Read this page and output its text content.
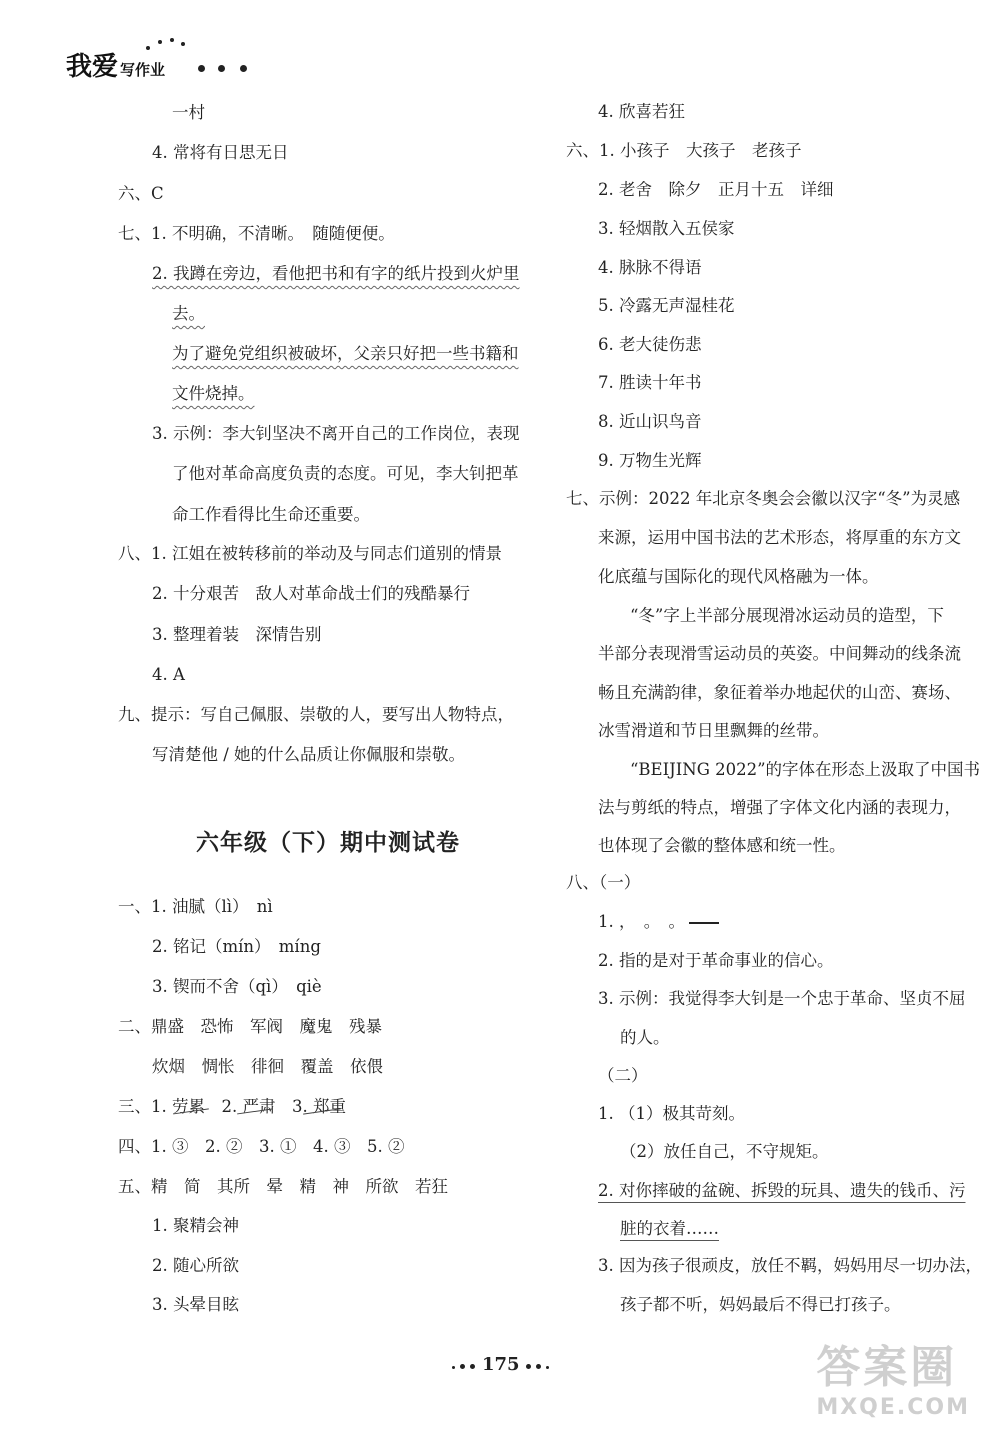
我爱 写作业
一村
4. 常将有日思无日
六、C
七、1. 不明确，不清晰。　随随便便。
2. 我蹲在旁边，看他把书和有字的纸片投到火炉里
去。
为了避免党组织被破坏，父亲只好把一些书籍和
文件烧掉。
3. 示例：李大钊坚决不离开自己的工作岗位，表现
了他对革命高度负责的态度。可见，李大钊把革
命工作看得比生命还重要。
八、1. 江姐在被转移前的举动及与同志们道别的情景
2. 十分艰苦　敌人对革命战士们的残酷暴行
3. 整理着装　深情告别
4. A
九、提示：写自己佩服、崇敬的人，要写出人物特点，
写清楚他 / 她的什么品质让你佩服和崇敬。
六年级（下）期中测试卷
一、1. 油腻（lì）　nì
2. 铭记（mín）　míng
3. 锲而不舍（qì）　qiè
二、鼎盛　恐怖　军阀　魔鬼　残暴
炊烟　惆怅　徘徊　覆盖　依偎
三、1. 劳累　2. 严肃　3. 郑重
四、1. ③　2. ②　3. ①　4. ③　5. ②
五、精　简　其所　晕　精　神　所欲　若狂
1. 聚精会神
2. 随心所欲
3. 头晕目眩
4. 欣喜若狂
六、1. 小孩子　大孩子　老孩子
2. 老舍　除夕　正月十五　详细
3. 轻烟散入五侯家
4. 脉脉不得语
5. 冷露无声湿桂花
6. 老大徒伤悲
7. 胜读十年书
8. 近山识鸟音
9. 万物生光辉
七、示例：2022 年北京冬奥会会徽以汉字“冬”为灵感
来源，运用中国书法的艺术形态，将厚重的东方文
化底蕴与国际化的现代风格融为一体。
“冬”字上半部分展现滑冰运动员的造型，下
半部分表现滑雪运动员的英姿。中间舞动的线条流
畅且充满韵律，象征着举办地起伏的山峦、赛场、
冰雪滑道和节日里飘舞的丝带。
“BEIJING 2022”的字体在形态上汲取了中国书
法与剪纸的特点，增强了字体文化内涵的表现力，
也体现了会徽的整体感和统一性。
八、（一）
1. ，　。　。
2. 指的是对于革命事业的信心。
3. 示例：我觉得李大钊是一个忠于革命、坚贞不屈
的人。
（二）
1. （1）极其苛刻。
（2）放任自己，不守规矩。
2. 对你摔破的盆碗、拆毁的玩具、遗失的钱币、污
脏的衣着……
3. 因为孩子很顽皮，放任不羁，妈妈用尽一切办法，
孩子都不听，妈妈最后不得已打孩子。
175	答案圈
MXQE.COM
